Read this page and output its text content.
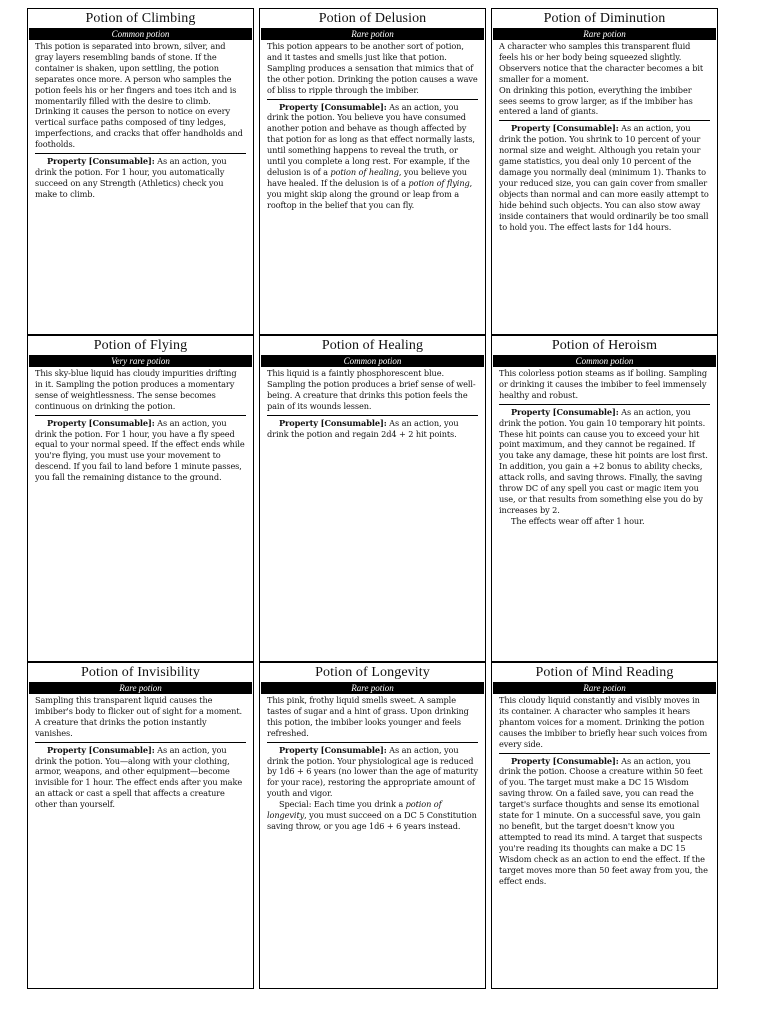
Potion of Climbing
Common potion

This potion is separated into brown, silver, and gray layers resembling bands of stone. If the container is shaken, upon settling, the potion separates once more. A person who samples the potion feels his or her fingers and toes itch and is momentarily filled with the desire to climb. Drinking it causes the person to notice on every vertical surface paths composed of tiny ledges, imperfections, and cracks that offer handholds and footholds.

Property [Consumable]: As an action, you drink the potion. For 1 hour, you automatically succeed on any Strength (Athletics) check you make to climb.

Potion of Delusion
Rare potion

This potion appears to be another sort of potion, and it tastes and smells just like that potion. Sampling produces a sensation that mimics that of the other potion. Drinking the potion causes a wave of bliss to ripple through the imbiber.

Property [Consumable]: As an action, you drink the potion. You believe you have consumed another potion and behave as though affected by that potion for as long as that effect normally lasts, until something happens to reveal the truth, or until you complete a long rest. For example, if the delusion is of a potion of healing, you believe you have healed. If the delusion is of a potion of flying, you might skip along the ground or leap from a rooftop in the belief that you can fly.

Potion of Diminution
Rare potion

A character who samples this transparent fluid feels his or her body being squeezed slightly. Observers notice that the character becomes a bit smaller for a moment.

On drinking this potion, everything the imbiber sees seems to grow larger, as if the imbiber has entered a land of giants.

Property [Consumable]: As an action, you drink the potion. You shrink to 10 percent of your normal size and weight. Although you retain your game statistics, you deal only 10 percent of the damage you normally deal (minimum 1). Thanks to your reduced size, you can gain cover from smaller objects than normal and can more easily attempt to hide behind such objects. You can also stow away inside containers that would ordinarily be too small to hold you. The effect lasts for 1d4 hours.

Potion of Flying
Very rare potion

This sky-blue liquid has cloudy impurities drifting in it. Sampling the potion produces a momentary sense of weightlessness. The sense becomes continuous on drinking the potion.

Property [Consumable]: As an action, you drink the potion. For 1 hour, you have a fly speed equal to your normal speed. If the effect ends while you're flying, you must use your movement to descend. If you fail to land before 1 minute passes, you fall the remaining distance to the ground.

Potion of Healing
Common potion

This liquid is a faintly phosphorescent blue. Sampling the potion produces a brief sense of well-being. A creature that drinks this potion feels the pain of its wounds lessen.

Property [Consumable]: As an action, you drink the potion and regain 2d4 + 2 hit points.

Potion of Heroism
Common potion

This colorless potion steams as if boiling. Sampling or drinking it causes the imbiber to feel immensely healthy and robust.

Property [Consumable]: As an action, you drink the potion. You gain 10 temporary hit points. These hit points can cause you to exceed your hit point maximum, and they cannot be regained. If you take any damage, these hit points are lost first. In addition, you gain a +2 bonus to ability checks, attack rolls, and saving throws. Finally, the saving throw DC of any spell you cast or magic item you use, or that results from something else you do by increases by 2.

The effects wear off after 1 hour.

Potion of Invisibility
Rare potion

Sampling this transparent liquid causes the imbiber's body to flicker out of sight for a moment. A creature that drinks the potion instantly vanishes.

Property [Consumable]: As an action, you drink the potion. You—along with your clothing, armor, weapons, and other equipment—become invisible for 1 hour. The effect ends after you make an attack or cast a spell that affects a creature other than yourself.

Potion of Longevity
Rare potion

This pink, frothy liquid smells sweet. A sample tastes of sugar and a hint of grass. Upon drinking this potion, the imbiber looks younger and feels refreshed.

Property [Consumable]: As an action, you drink the potion. Your physiological age is reduced by 1d6 + 6 years (no lower than the age of maturity for your race), restoring the appropriate amount of youth and vigor.

Special: Each time you drink a potion of longevity, you must succeed on a DC 5 Constitution saving throw, or you age 1d6 + 6 years instead.

Potion of Mind Reading
Rare potion

This cloudy liquid constantly and visibly moves in its container. A character who samples it hears phantom voices for a moment. Drinking the potion causes the imbiber to briefly hear such voices from every side.

Property [Consumable]: As an action, you drink the potion. Choose a creature within 50 feet of you. The target must make a DC 15 Wisdom saving throw. On a failed save, you can read the target's surface thoughts and sense its emotional state for 1 minute. On a successful save, you gain no benefit, but the target doesn't know you attempted to read its mind. A target that suspects you're reading its thoughts can make a DC 15 Wisdom check as an action to end the effect. If the target moves more than 50 feet away from you, the effect ends.
